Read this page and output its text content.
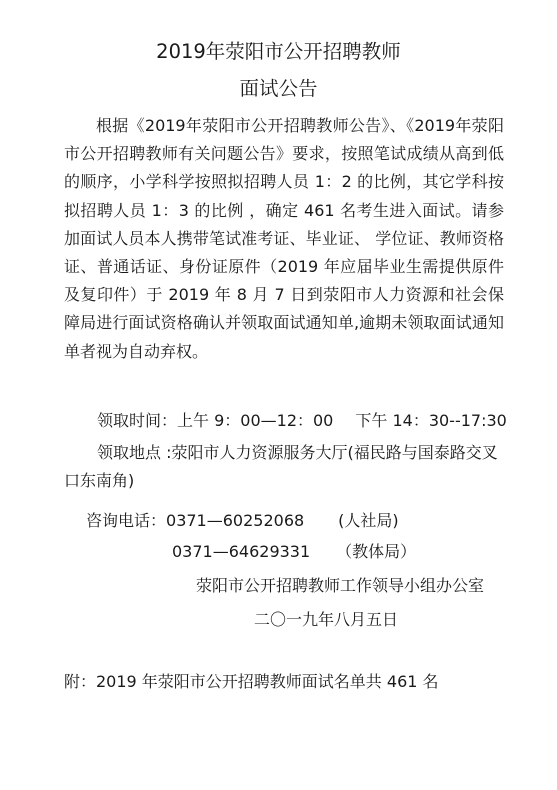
2019年荥阳市公开招聘教师
面试公告

根据《2019年荥阳市公开招聘教师公告》、《2019年荥阳市公开招聘教师有关问题公告》要求，按照笔试成绩从高到低的顺序，小学科学按照拟招聘人员 1：2 的比例，其它学科按拟招聘人员 1：3 的比例 ，确定 461 名考生进入面试。请参加面试人员本人携带笔试准考证、毕业证、 学位证、教师资格证、普通话证、身份证原件（2019 年应届毕业生需提供原件及复印件）于 2019 年 8 月 7 日到荥阳市人力资源和社会保障局进行面试资格确认并领取面试通知单,逾期未领取面试通知单者视为自动弃权。

领取时间：上午 9：00—12：00 下午 14：30--17:30
领取地点 :荥阳市人力资源服务大厅(福民路与国泰路交叉口东南角)
咨询电话：0371—60252068 (人社局)
0371—64629331 （教体局）
荥阳市公开招聘教师工作领导小组办公室
二〇一九年八月五日
附：2019 年荥阳市公开招聘教师面试名单共 461 名
